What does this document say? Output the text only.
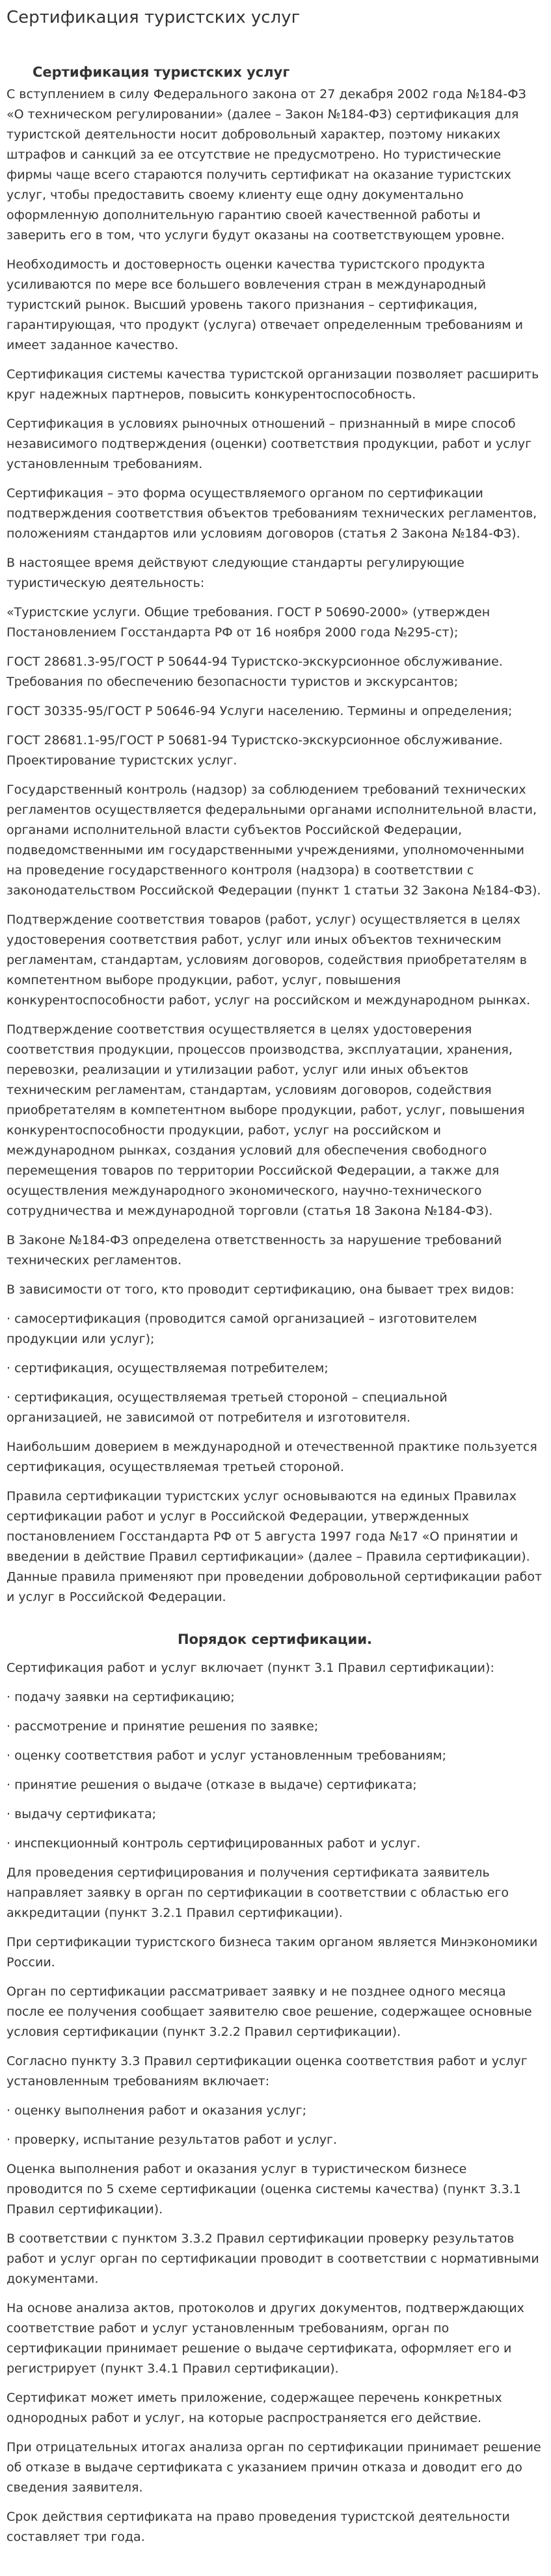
Сертификация туристских услуг
Сертификация туристских услуг

С вступлением в силу Федерального закона от 27 декабря 2002 года №184-ФЗ «О техническом регулировании» (далее – Закон №184-ФЗ) сертификация для туристской деятельности носит добровольный характер, поэтому никаких штрафов и санкций за ее отсутствие не предусмотрено. Но туристические фирмы чаще всего стараются получить сертификат на оказание туристских услуг, чтобы предоставить своему клиенту еще одну документально оформленную дополнительную гарантию своей качественной работы и заверить его в том, что услуги будут оказаны на соответствующем уровне.

Необходимость и достоверность оценки качества туристского продукта усиливаются по мере все большего вовлечения стран в международный туристский рынок. Высший уровень такого признания – сертификация, гарантирующая, что продукт (услуга) отвечает определенным требованиям и имеет заданное качество.

Сертификация системы качества туристской организации позволяет расширить круг надежных партнеров, повысить конкурентоспособность.

Сертификация в условиях рыночных отношений – признанный в мире способ независимого подтверждения (оценки) соответствия продукции, работ и услуг установленным требованиям.

Сертификация – это форма осуществляемого органом по сертификации подтверждения соответствия объектов требованиям технических регламентов, положениям стандартов или условиям договоров (статья 2 Закона №184-ФЗ).

В настоящее время действуют следующие стандарты регулирующие туристическую деятельность:

«Туристские услуги. Общие требования. ГОСТ Р 50690-2000» (утвержден Постановлением Госстандарта РФ от 16 ноября 2000 года №295-ст);

ГОСТ 28681.3-95/ГОСТ Р 50644-94 Туристско-экскурсионное обслуживание. Требования по обеспечению безопасности туристов и экскурсантов;

ГОСТ 30335-95/ГОСТ Р 50646-94 Услуги населению. Термины и определения;

ГОСТ 28681.1-95/ГОСТ Р 50681-94 Туристско-экскурсионное обслуживание. Проектирование туристских услуг.

Государственный контроль (надзор) за соблюдением требований технических регламентов осуществляется федеральными органами исполнительной власти, органами исполнительной власти субъектов Российской Федерации, подведомственными им государственными учреждениями, уполномоченными на проведение государственного контроля (надзора) в соответствии с законодательством Российской Федерации (пункт 1 статьи 32 Закона №184-ФЗ).

Подтверждение соответствия товаров (работ, услуг) осуществляется в целях удостоверения соответствия работ, услуг или иных объектов техническим регламентам, стандартам, условиям договоров, содействия приобретателям в компетентном выборе продукции, работ, услуг, повышения конкурентоспособности работ, услуг на российском и международном рынках.

Подтверждение соответствия осуществляется в целях удостоверения соответствия продукции, процессов производства, эксплуатации, хранения, перевозки, реализации и утилизации работ, услуг или иных объектов техническим регламентам, стандартам, условиям договоров, содействия приобретателям в компетентном выборе продукции, работ, услуг, повышения конкурентоспособности продукции, работ, услуг на российском и международном рынках, создания условий для обеспечения свободного перемещения товаров по территории Российской Федерации, а также для осуществления международного экономического, научно-технического сотрудничества и международной торговли (статья 18 Закона №184-ФЗ).

В Законе №184-ФЗ определена ответственность за нарушение требований технических регламентов.

В зависимости от того, кто проводит сертификацию, она бывает трех видов:

· самосертификация (проводится самой организацией – изготовителем продукции или услуг);

· сертификация, осуществляемая потребителем;

· сертификация, осуществляемая третьей стороной – специальной организацией, не зависимой от потребителя и изготовителя.

Наибольшим доверием в международной и отечественной практике пользуется сертификация, осуществляемая третьей стороной.

Правила сертификации туристских услуг основываются на единых Правилах сертификации работ и услуг в Российской Федерации, утвержденных постановлением Госстандарта РФ от 5 августа 1997 года №17 «О принятии и введении в действие Правил сертификации» (далее – Правила сертификации). Данные правила применяют при проведении добровольной сертификации работ и услуг в Российской Федерации.

Порядок сертификации.

Сертификация работ и услуг включает (пункт 3.1 Правил сертификации):

· подачу заявки на сертификацию;

· рассмотрение и принятие решения по заявке;

· оценку соответствия работ и услуг установленным требованиям;

· принятие решения о выдаче (отказе в выдаче) сертификата;

· выдачу сертификата;

· инспекционный контроль сертифицированных работ и услуг.

Для проведения сертифицирования и получения сертификата заявитель направляет заявку в орган по сертификации в соответствии с областью его аккредитации (пункт 3.2.1 Правил сертификации).

При сертификации туристского бизнеса таким органом является Минэкономики России.

Орган по сертификации рассматривает заявку и не позднее одного месяца после ее получения сообщает заявителю свое решение, содержащее основные условия сертификации (пункт 3.2.2 Правил сертификации).

Согласно пункту 3.3 Правил сертификации оценка соответствия работ и услуг установленным требованиям включает:

· оценку выполнения работ и оказания услуг;

· проверку, испытание результатов работ и услуг.

Оценка выполнения работ и оказания услуг в туристическом бизнесе проводится по 5 схеме сертификации (оценка системы качества) (пункт 3.3.1 Правил сертификации).

В соответствии с пунктом 3.3.2 Правил сертификации проверку результатов работ и услуг орган по сертификации проводит в соответствии с нормативными документами.

На основе анализа актов, протоколов и других документов, подтверждающих соответствие работ и услуг установленным требованиям, орган по сертификации принимает решение о выдаче сертификата, оформляет его и регистрирует (пункт 3.4.1 Правил сертификации).

Сертификат может иметь приложение, содержащее перечень конкретных однородных работ и услуг, на которые распространяется его действие.

При отрицательных итогах анализа орган по сертификации принимает решение об отказе в выдаче сертификата с указанием причин отказа и доводит его до сведения заявителя.

Срок действия сертификата на право проведения туристской деятельности составляет три года.
